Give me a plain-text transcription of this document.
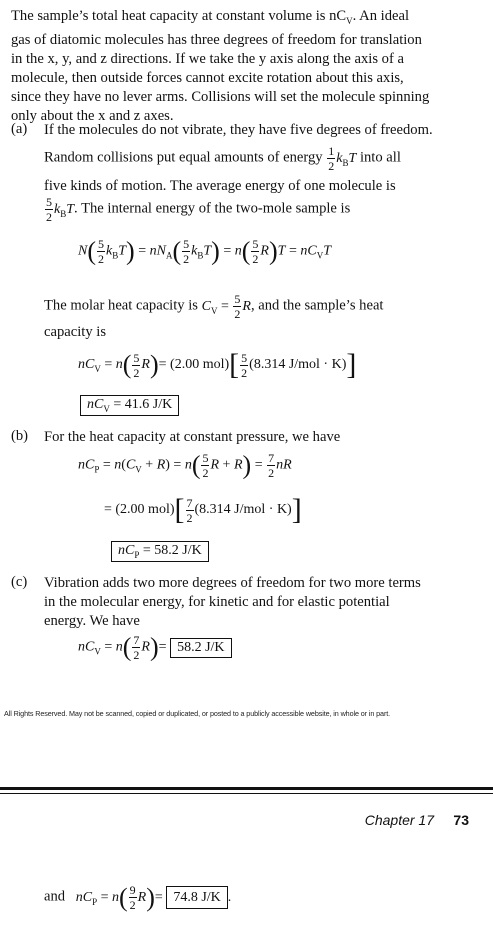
The sample’s total heat capacity at constant volume is $nC_V$. An ideal
gas of diatomic molecules has three degrees of freedom for translation
in the x, y, and z directions. If we take the y axis along the axis of a
molecule, then outside forces cannot excite rotation about this axis,
since they have no lever arms. Collisions will set the molecule spinning
only about the x and z axes.
(a) If the molecules do not vibrate, they have five degrees of freedom.
Random collisions put equal amounts of energy $\frac{1}{2} k_BT$ into all
five kinds of motion. The average energy of one molecule is
$\frac{5}{2} k_BT$. The internal energy of the two-mole sample is
$N( \frac{5}{2} k_BT) = nN_A( \frac{5}{2} k_BT) = n( \frac{5}{2} R)T = nC_VT$
The molar heat capacity is $C_V = \frac{5}{2} R$, and the sample’s heat
capacity is
$nC_V = n( \frac{5}{2} R)= (2.00$ $mol)[ \frac{5}{2} (8.314$ J/mol · K)]
$nC_V = 41.6$ J/K
(b) For the heat capacity at constant pressure, we have
$nC_P = n(C_V + R) = n( \frac{5}{2}$ $R + R) = \frac{7}{2}$ nR
= (2.00 $mol)[ \frac{7}{2} (8.314$ J/mol · K)]
$nC_P = 58.2$ J/K
(c) Vibration adds two more degrees of freedom for two more terms
in the molecular energy, for kinetic and for elastic potential
energy. We have
$nC_V = n( \frac{7}{2} R)= 58.2$ J/K
All Rights Reserved. May not be scanned, copied or duplicated, or posted to a publicly accessible website, in whole or in part.
Chapter 17 73
and $nC_P = n( \frac{9}{2} R)= 74.8$ J/K .
